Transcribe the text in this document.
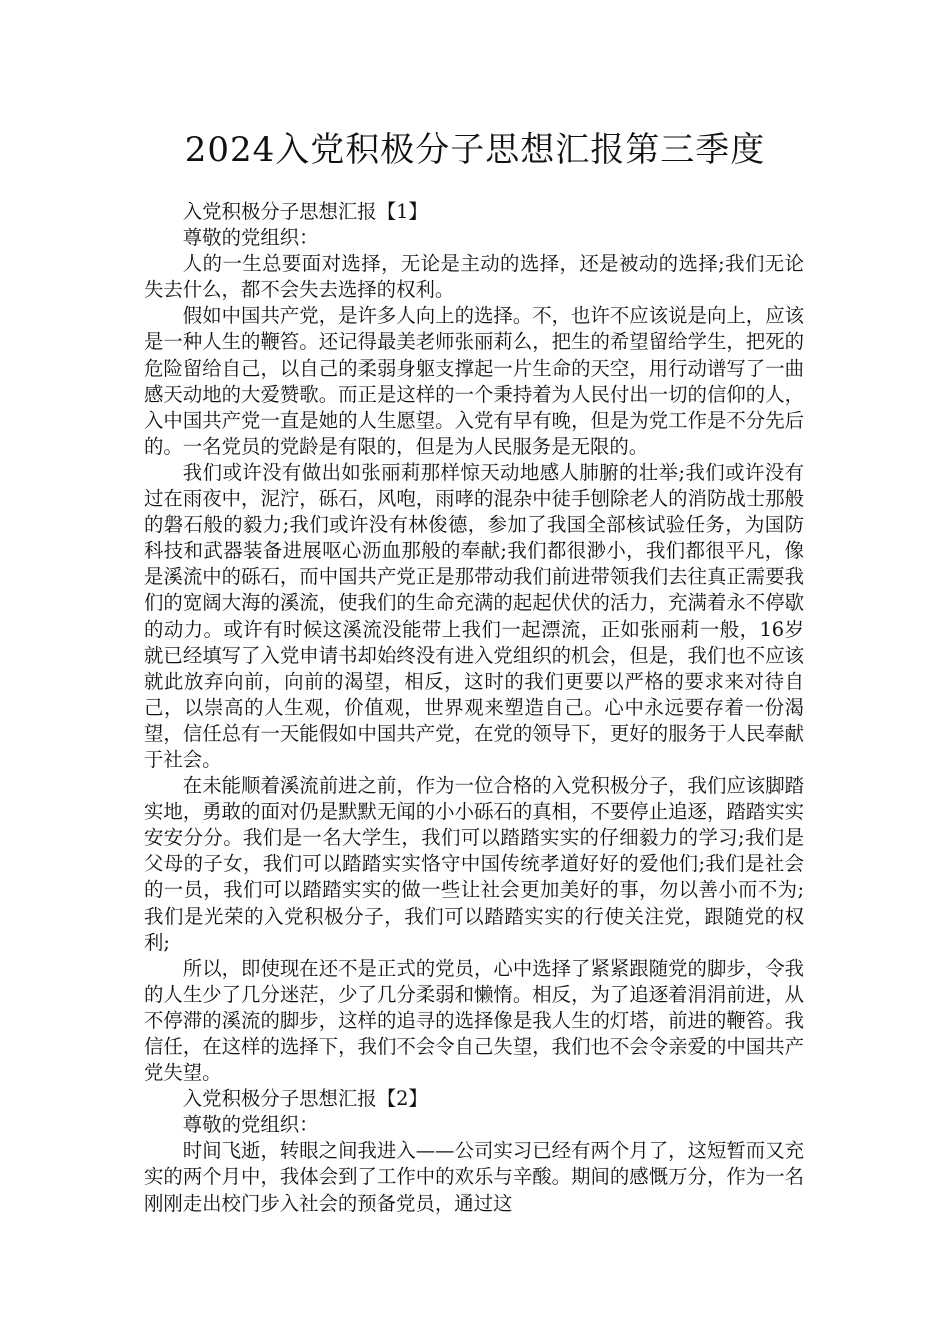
2024入党积极分子思想汇报第三季度

入党积极分子思想汇报【1】

尊敬的党组织：

人的一生总要面对选择，无论是主动的选择，还是被动的选择;我们无论失去什么，都不会失去选择的权利。

假如中国共产党，是许多人向上的选择。不，也许不应该说是向上，应该是一种人生的鞭笞。还记得最美老师张丽莉么，把生的希望留给学生，把死的危险留给自己，以自己的柔弱身躯支撑起一片生命的天空，用行动谱写了一曲感天动地的大爱赞歌。而正是这样的一个秉持着为人民付出一切的信仰的人，入中国共产党一直是她的人生愿望。入党有早有晚，但是为党工作是不分先后的。一名党员的党龄是有限的，但是为人民服务是无限的。

我们或许没有做出如张丽莉那样惊天动地感人肺腑的壮举;我们或许没有过在雨夜中，泥泞，砾石，风咆，雨哮的混杂中徒手刨除老人的消防战士那般的磐石般的毅力;我们或许没有林俊德，参加了我国全部核试验任务，为国防科技和武器装备进展呕心沥血那般的奉献;我们都很渺小，我们都很平凡，像是溪流中的砾石，而中国共产党正是那带动我们前进带领我们去往真正需要我们的宽阔大海的溪流，使我们的生命充满的起起伏伏的活力，充满着永不停歇的动力。或许有时候这溪流没能带上我们一起漂流，正如张丽莉一般，16岁就已经填写了入党申请书却始终没有进入党组织的机会，但是，我们也不应该就此放弃向前，向前的渴望，相反，这时的我们更要以严格的要求来对待自己，以崇高的人生观，价值观，世界观来塑造自己。心中永远要存着一份渴望，信任总有一天能假如中国共产党，在党的领导下，更好的服务于人民奉献于社会。

在未能顺着溪流前进之前，作为一位合格的入党积极分子，我们应该脚踏实地，勇敢的面对仍是默默无闻的小小砾石的真相，不要停止追逐，踏踏实实安安分分。我们是一名大学生，我们可以踏踏实实的仔细毅力的学习;我们是父母的子女，我们可以踏踏实实恪守中国传统孝道好好的爱他们;我们是社会的一员，我们可以踏踏实实的做一些让社会更加美好的事，勿以善小而不为;我们是光荣的入党积极分子，我们可以踏踏实实的行使关注党，跟随党的权利;

所以，即使现在还不是正式的党员，心中选择了紧紧跟随党的脚步，令我的人生少了几分迷茫，少了几分柔弱和懒惰。相反，为了追逐着涓涓前进，从不停滞的溪流的脚步，这样的追寻的选择像是我人生的灯塔，前进的鞭笞。我信任，在这样的选择下，我们不会令自己失望，我们也不会令亲爱的中国共产党失望。

入党积极分子思想汇报【2】

尊敬的党组织：

时间飞逝，转眼之间我进入——公司实习已经有两个月了，这短暂而又充实的两个月中，我体会到了工作中的欢乐与辛酸。期间的感慨万分，作为一名刚刚走出校门步入社会的预备党员，通过这
